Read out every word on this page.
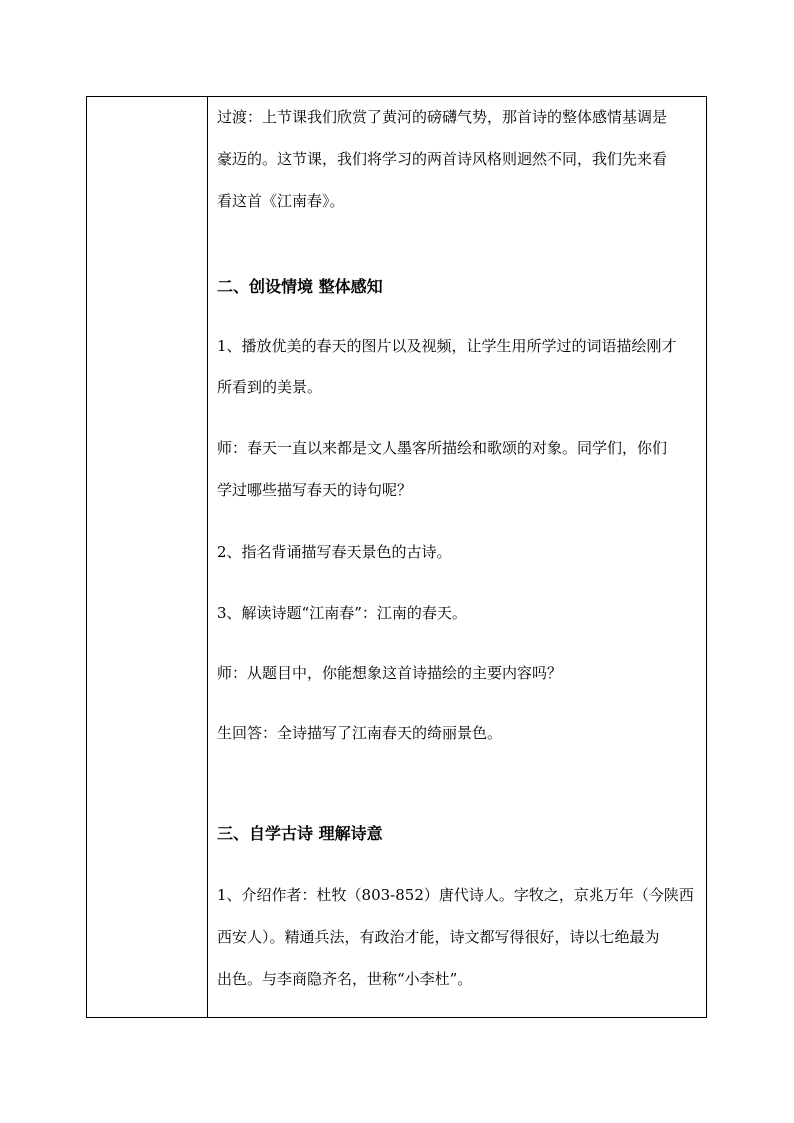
过渡：上节课我们欣赏了黄河的磅礴气势，那首诗的整体感情基调是
豪迈的。这节课，我们将学习的两首诗风格则迥然不同，我们先来看
看这首《江南春》。
二、创设情境 整体感知
1、播放优美的春天的图片以及视频，让学生用所学过的词语描绘刚才
所看到的美景。
师：春天一直以来都是文人墨客所描绘和歌颂的对象。同学们，你们
学过哪些描写春天的诗句呢？
2、指名背诵描写春天景色的古诗。
3、解读诗题“江南春”：江南的春天。
师：从题目中，你能想象这首诗描绘的主要内容吗？
生回答：全诗描写了江南春天的绮丽景色。
三、自学古诗 理解诗意
1、介绍作者：杜牧（803-852）唐代诗人。字牧之，京兆万年（今陕西
西安人）。精通兵法，有政治才能，诗文都写得很好，诗以七绝最为
出色。与李商隐齐名，世称“小李杜”。
